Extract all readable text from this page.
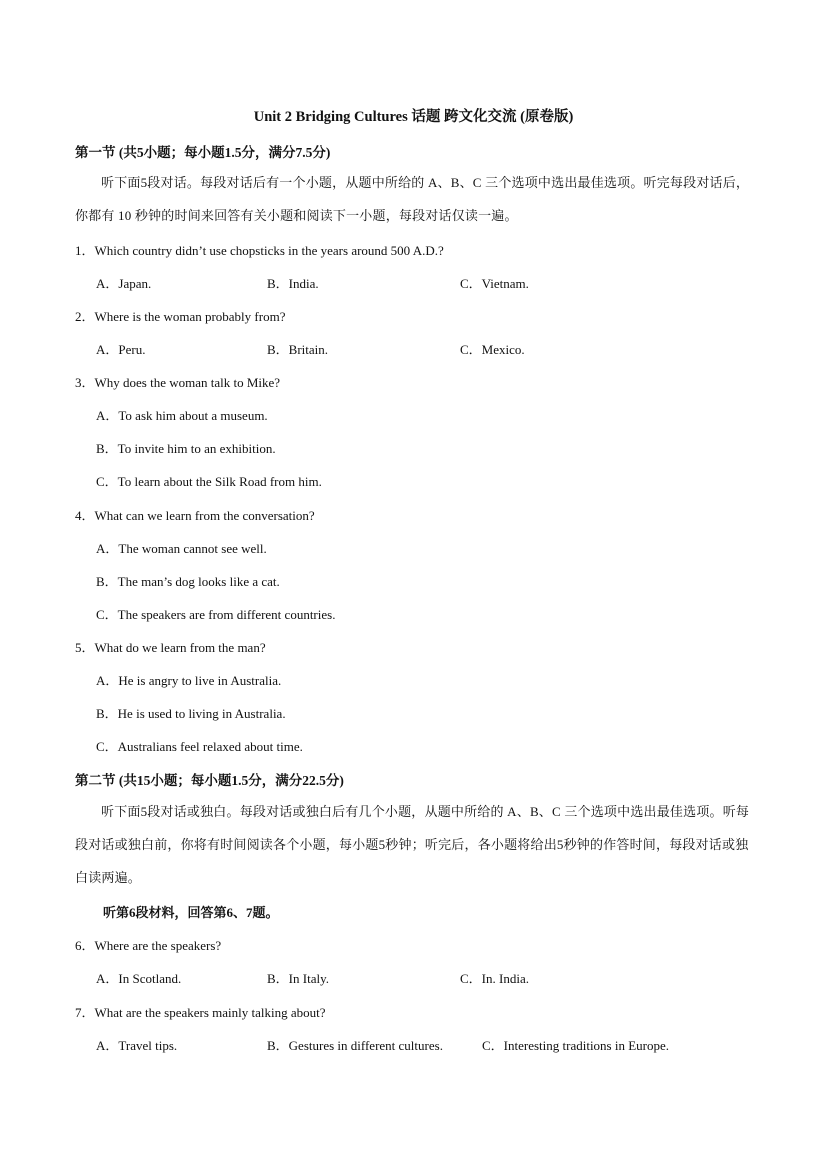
Unit 2 Bridging Cultures 话题 跨文化交流 (原卷版)
第一节 (共5小题；每小题1.5分，满分7.5分)
听下面5段对话。每段对话后有一个小题，从题中所给的 A、B、C 三个选项中选出最佳选项。听完每段对话后，你都有 10 秒钟的时间来回答有关小题和阅读下一小题，每段对话仅读一遍。
1．Which country didn’t use chopsticks in the years around 500 A.D.?
A．Japan.	B．India.	C．Vietnam.
2．Where is the woman probably from?
A．Peru.	B．Britain.	C．Mexico.
3．Why does the woman talk to Mike?
A．To ask him about a museum.
B．To invite him to an exhibition.
C．To learn about the Silk Road from him.
4．What can we learn from the conversation?
A．The woman cannot see well.
B．The man’s dog looks like a cat.
C．The speakers are from different countries.
5．What do we learn from the man?
A．He is angry to live in Australia.
B．He is used to living in Australia.
C．Australians feel relaxed about time.
第二节 (共15小题；每小题1.5分，满分22.5分)
听下面5段对话或独白。每段对话或独白后有几个小题，从题中所给的 A、B、C 三个选项中选出最佳选项。听每段对话或独白前，你将有时间阅读各个小题，每小题5秒钟；听完后，各小题将给出5秒钟的作答时间，每段对话或独白读两遍。
听第6段材料，回答第6、7题。
6．Where are the speakers?
A．In Scotland.	B．In Italy.	C．In. India.
7．What are the speakers mainly talking about?
A．Travel tips.	B．Gestures in different cultures.	C．Interesting traditions in Europe.
